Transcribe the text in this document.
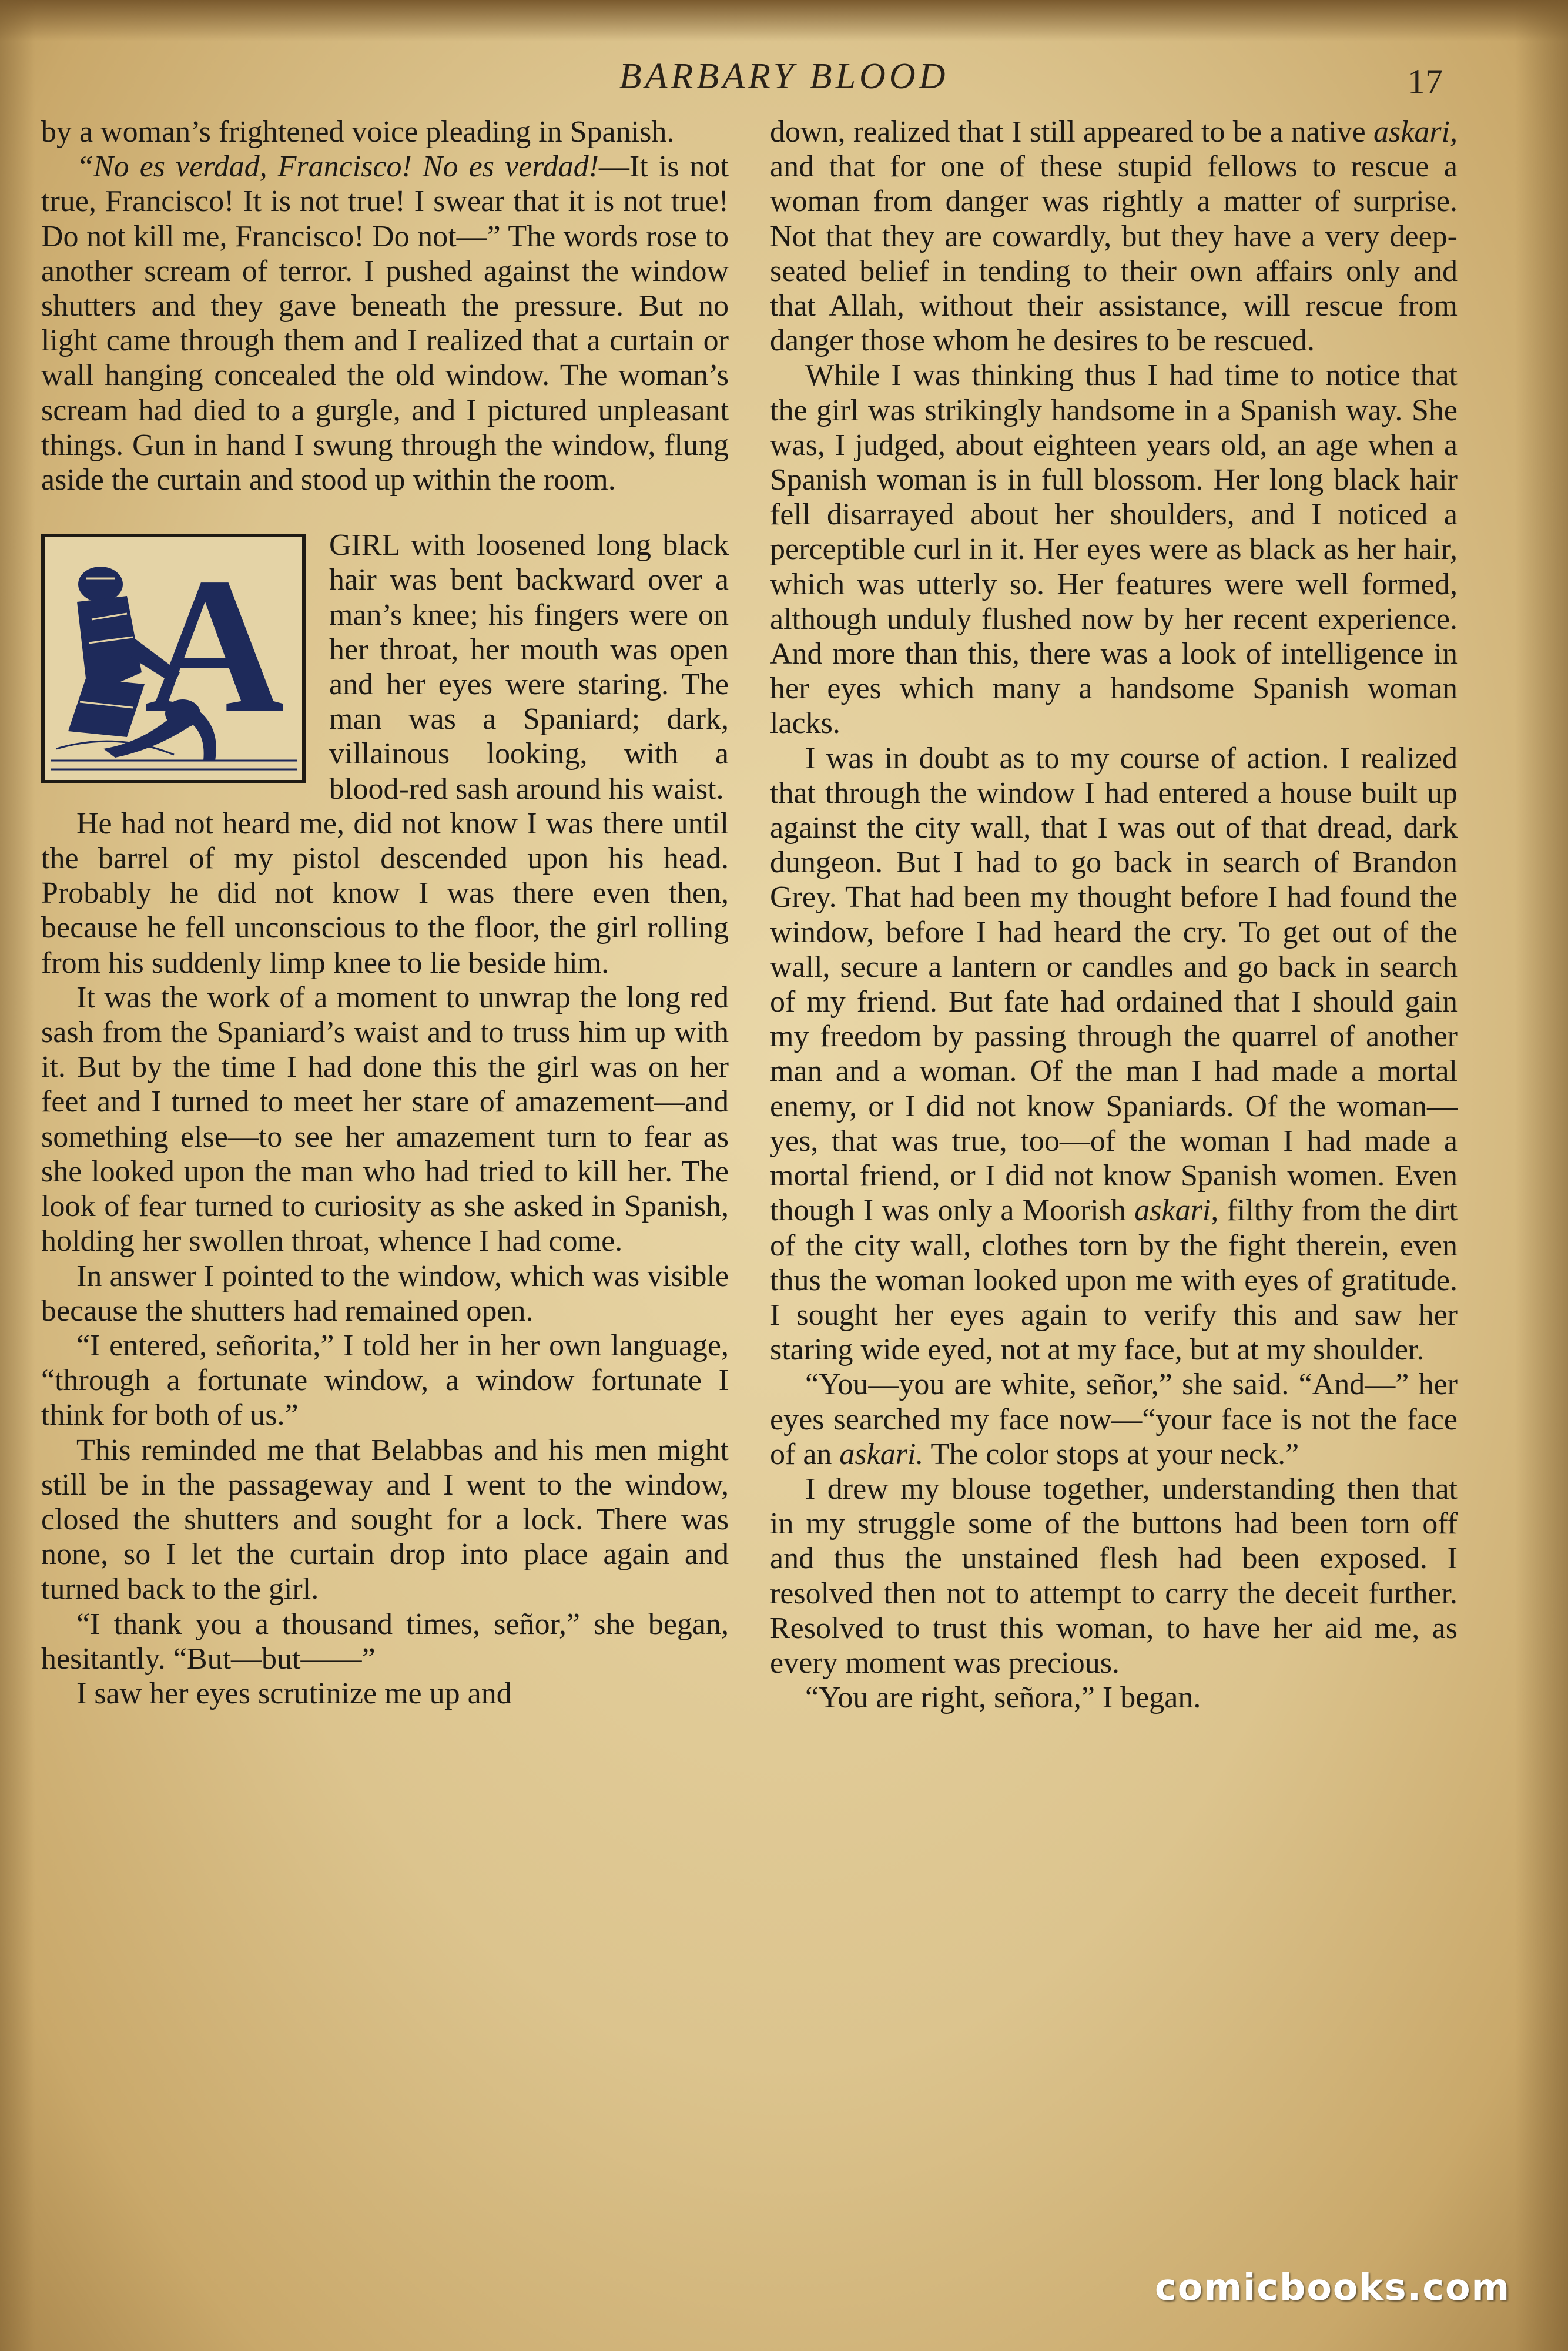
BARBARY BLOOD	17

by a woman’s frightened voice pleading in Spanish.

“No es verdad, Francisco! No es verdad!—It is not true, Francisco! It is not true! I swear that it is not true! Do not kill me, Francisco! Do not—” The words rose to another scream of terror. I pushed against the window shutters and they gave beneath the pressure. But no light came through them and I realized that a curtain or wall hanging concealed the old window. The woman’s scream had died to a gurgle, and I pictured unpleasant things. Gun in hand I swung through the window, flung aside the curtain and stood up within the room.

A	GIRL with loosened long black hair was bent backward over a man’s knee; his fingers were on her throat, her mouth was open and her eyes were staring. The man was a Spaniard; dark, villainous looking, with a blood-red sash around his waist.

He had not heard me, did not know I was there until the barrel of my pistol descended upon his head. Probably he did not know I was there even then, because he fell unconscious to the floor, the girl rolling from his suddenly limp knee to lie beside him.

It was the work of a moment to unwrap the long red sash from the Spaniard’s waist and to truss him up with it. But by the time I had done this the girl was on her feet and I turned to meet her stare of amazement—and something else—to see her amazement turn to fear as she looked upon the man who had tried to kill her. The look of fear turned to curiosity as she asked in Spanish, holding her swollen throat, whence I had come.

In answer I pointed to the window, which was visible because the shutters had remained open.

“I entered, señorita,” I told her in her own language, “through a fortunate window, a window fortunate I think for both of us.”

This reminded me that Belabbas and his men might still be in the passageway and I went to the window, closed the shutters and sought for a lock. There was none, so I let the curtain drop into place again and turned back to the girl.

“I thank you a thousand times, señor,” she began, hesitantly. “But—but——”

I saw her eyes scrutinize me up and

down, realized that I still appeared to be a native askari, and that for one of these stupid fellows to rescue a woman from danger was rightly a matter of surprise. Not that they are cowardly, but they have a very deep-seated belief in tending to their own affairs only and that Allah, without their assistance, will rescue from danger those whom he desires to be rescued.

While I was thinking thus I had time to notice that the girl was strikingly handsome in a Spanish way. She was, I judged, about eighteen years old, an age when a Spanish woman is in full blossom. Her long black hair fell disarrayed about her shoulders, and I noticed a perceptible curl in it. Her eyes were as black as her hair, which was utterly so. Her features were well formed, although unduly flushed now by her recent experience. And more than this, there was a look of intelligence in her eyes which many a handsome Spanish woman lacks.

I was in doubt as to my course of action. I realized that through the window I had entered a house built up against the city wall, that I was out of that dread, dark dungeon. But I had to go back in search of Brandon Grey. That had been my thought before I had found the window, before I had heard the cry. To get out of the wall, secure a lantern or candles and go back in search of my friend. But fate had ordained that I should gain my freedom by passing through the quarrel of another man and a woman. Of the man I had made a mortal enemy, or I did not know Spaniards. Of the woman—yes, that was true, too—of the woman I had made a mortal friend, or I did not know Spanish women. Even though I was only a Moorish askari, filthy from the dirt of the city wall, clothes torn by the fight therein, even thus the woman looked upon me with eyes of gratitude. I sought her eyes again to verify this and saw her staring wide eyed, not at my face, but at my shoulder.

“You—you are white, señor,” she said. “And—” her eyes searched my face now—“your face is not the face of an askari. The color stops at your neck.”

I drew my blouse together, understanding then that in my struggle some of the buttons had been torn off and thus the unstained flesh had been exposed. I resolved then not to attempt to carry the deceit further. Resolved to trust this woman, to have her aid me, as every moment was precious.

“You are right, señora,” I began.

comicbooks.com
